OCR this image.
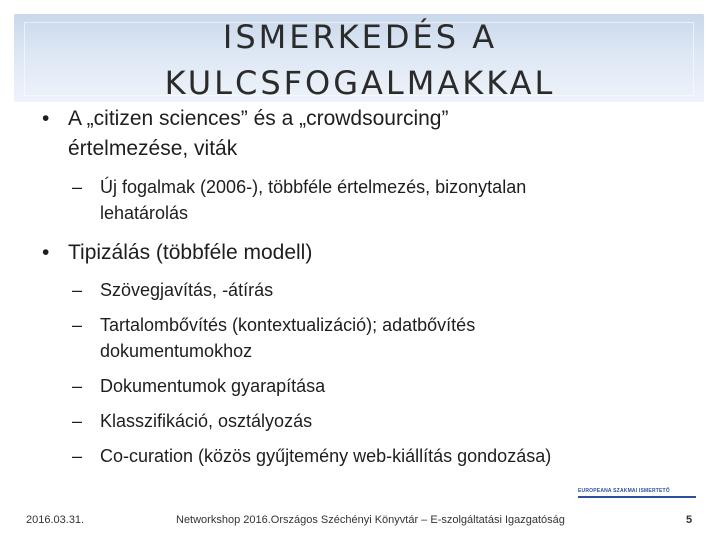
ISMERKEDÉS A KULCSFOGALMAKKAL
• A „citizen sciences” és a „crowdsourcing”
értelmezése, viták
– Új fogalmak (2006-), többféle értelmezés, bizonytalan
lehatárolás
• Tipizálás (többféle modell)
– Szövegjavítás, -átírás
– Tartalombővítés (kontextualizáció); adatbővítés
dokumentumokhoz
– Dokumentumok gyarapítása
– Klasszifikáció, osztályozás
– Co-curation (közös gyűjtemény web-kiállítás gondozása)
EUROPEANA SZAKMAI ISMERTETŐ
2016.03.31.	Networkshop 2016.Országos Széchényi Könyvtár – E-szolgáltatási Igazgatóság	5
